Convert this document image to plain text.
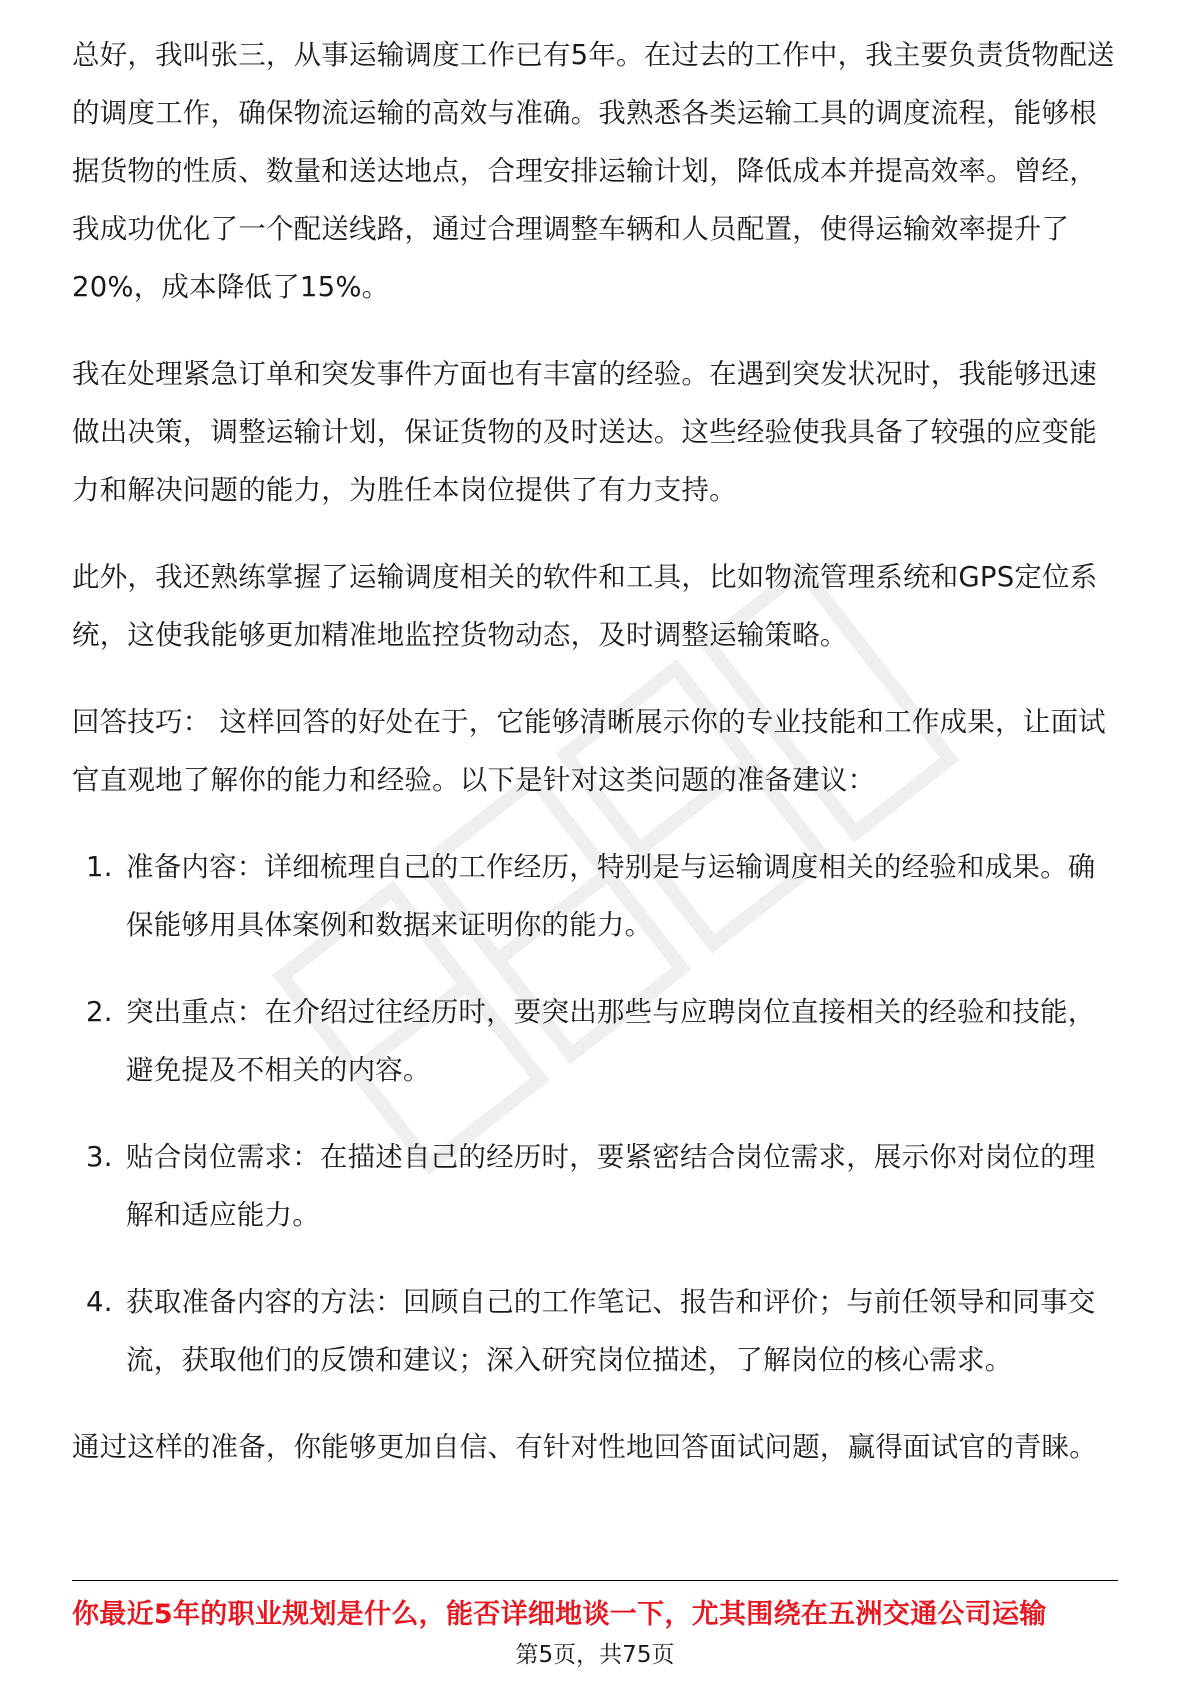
总好，我叫张三，从事运输调度工作已有5年。在过去的工作中，我主要负责货物配送的调度工作，确保物流运输的高效与准确。我熟悉各类运输工具的调度流程，能够根据货物的性质、数量和送达地点，合理安排运输计划，降低成本并提高效率。曾经，我成功优化了一个配送线路，通过合理调整车辆和人员配置，使得运输效率提升了20%，成本降低了15%。

我在处理紧急订单和突发事件方面也有丰富的经验。在遇到突发状况时，我能够迅速做出决策，调整运输计划，保证货物的及时送达。这些经验使我具备了较强的应变能力和解决问题的能力，为胜任本岗位提供了有力支持。

此外，我还熟练掌握了运输调度相关的软件和工具，比如物流管理系统和GPS定位系统，这使我能够更加精准地监控货物动态，及时调整运输策略。

回答技巧： 这样回答的好处在于，它能够清晰展示你的专业技能和工作成果，让面试官直观地了解你的能力和经验。以下是针对这类问题的准备建议：

1. 准备内容：详细梳理自己的工作经历，特别是与运输调度相关的经验和成果。确保能够用具体案例和数据来证明你的能力。
2. 突出重点：在介绍过往经历时，要突出那些与应聘岗位直接相关的经验和技能，避免提及不相关的内容。
3. 贴合岗位需求：在描述自己的经历时，要紧密结合岗位需求，展示你对岗位的理解和适应能力。
4. 获取准备内容的方法：回顾自己的工作笔记、报告和评价；与前任领导和同事交流，获取他们的反馈和建议；深入研究岗位描述，了解岗位的核心需求。

通过这样的准备，你能够更加自信、有针对性地回答面试问题，赢得面试官的青睐。

你最近5年的职业规划是什么，能否详细地谈一下，尤其围绕在五洲交通公司运输
第5页，共75页
